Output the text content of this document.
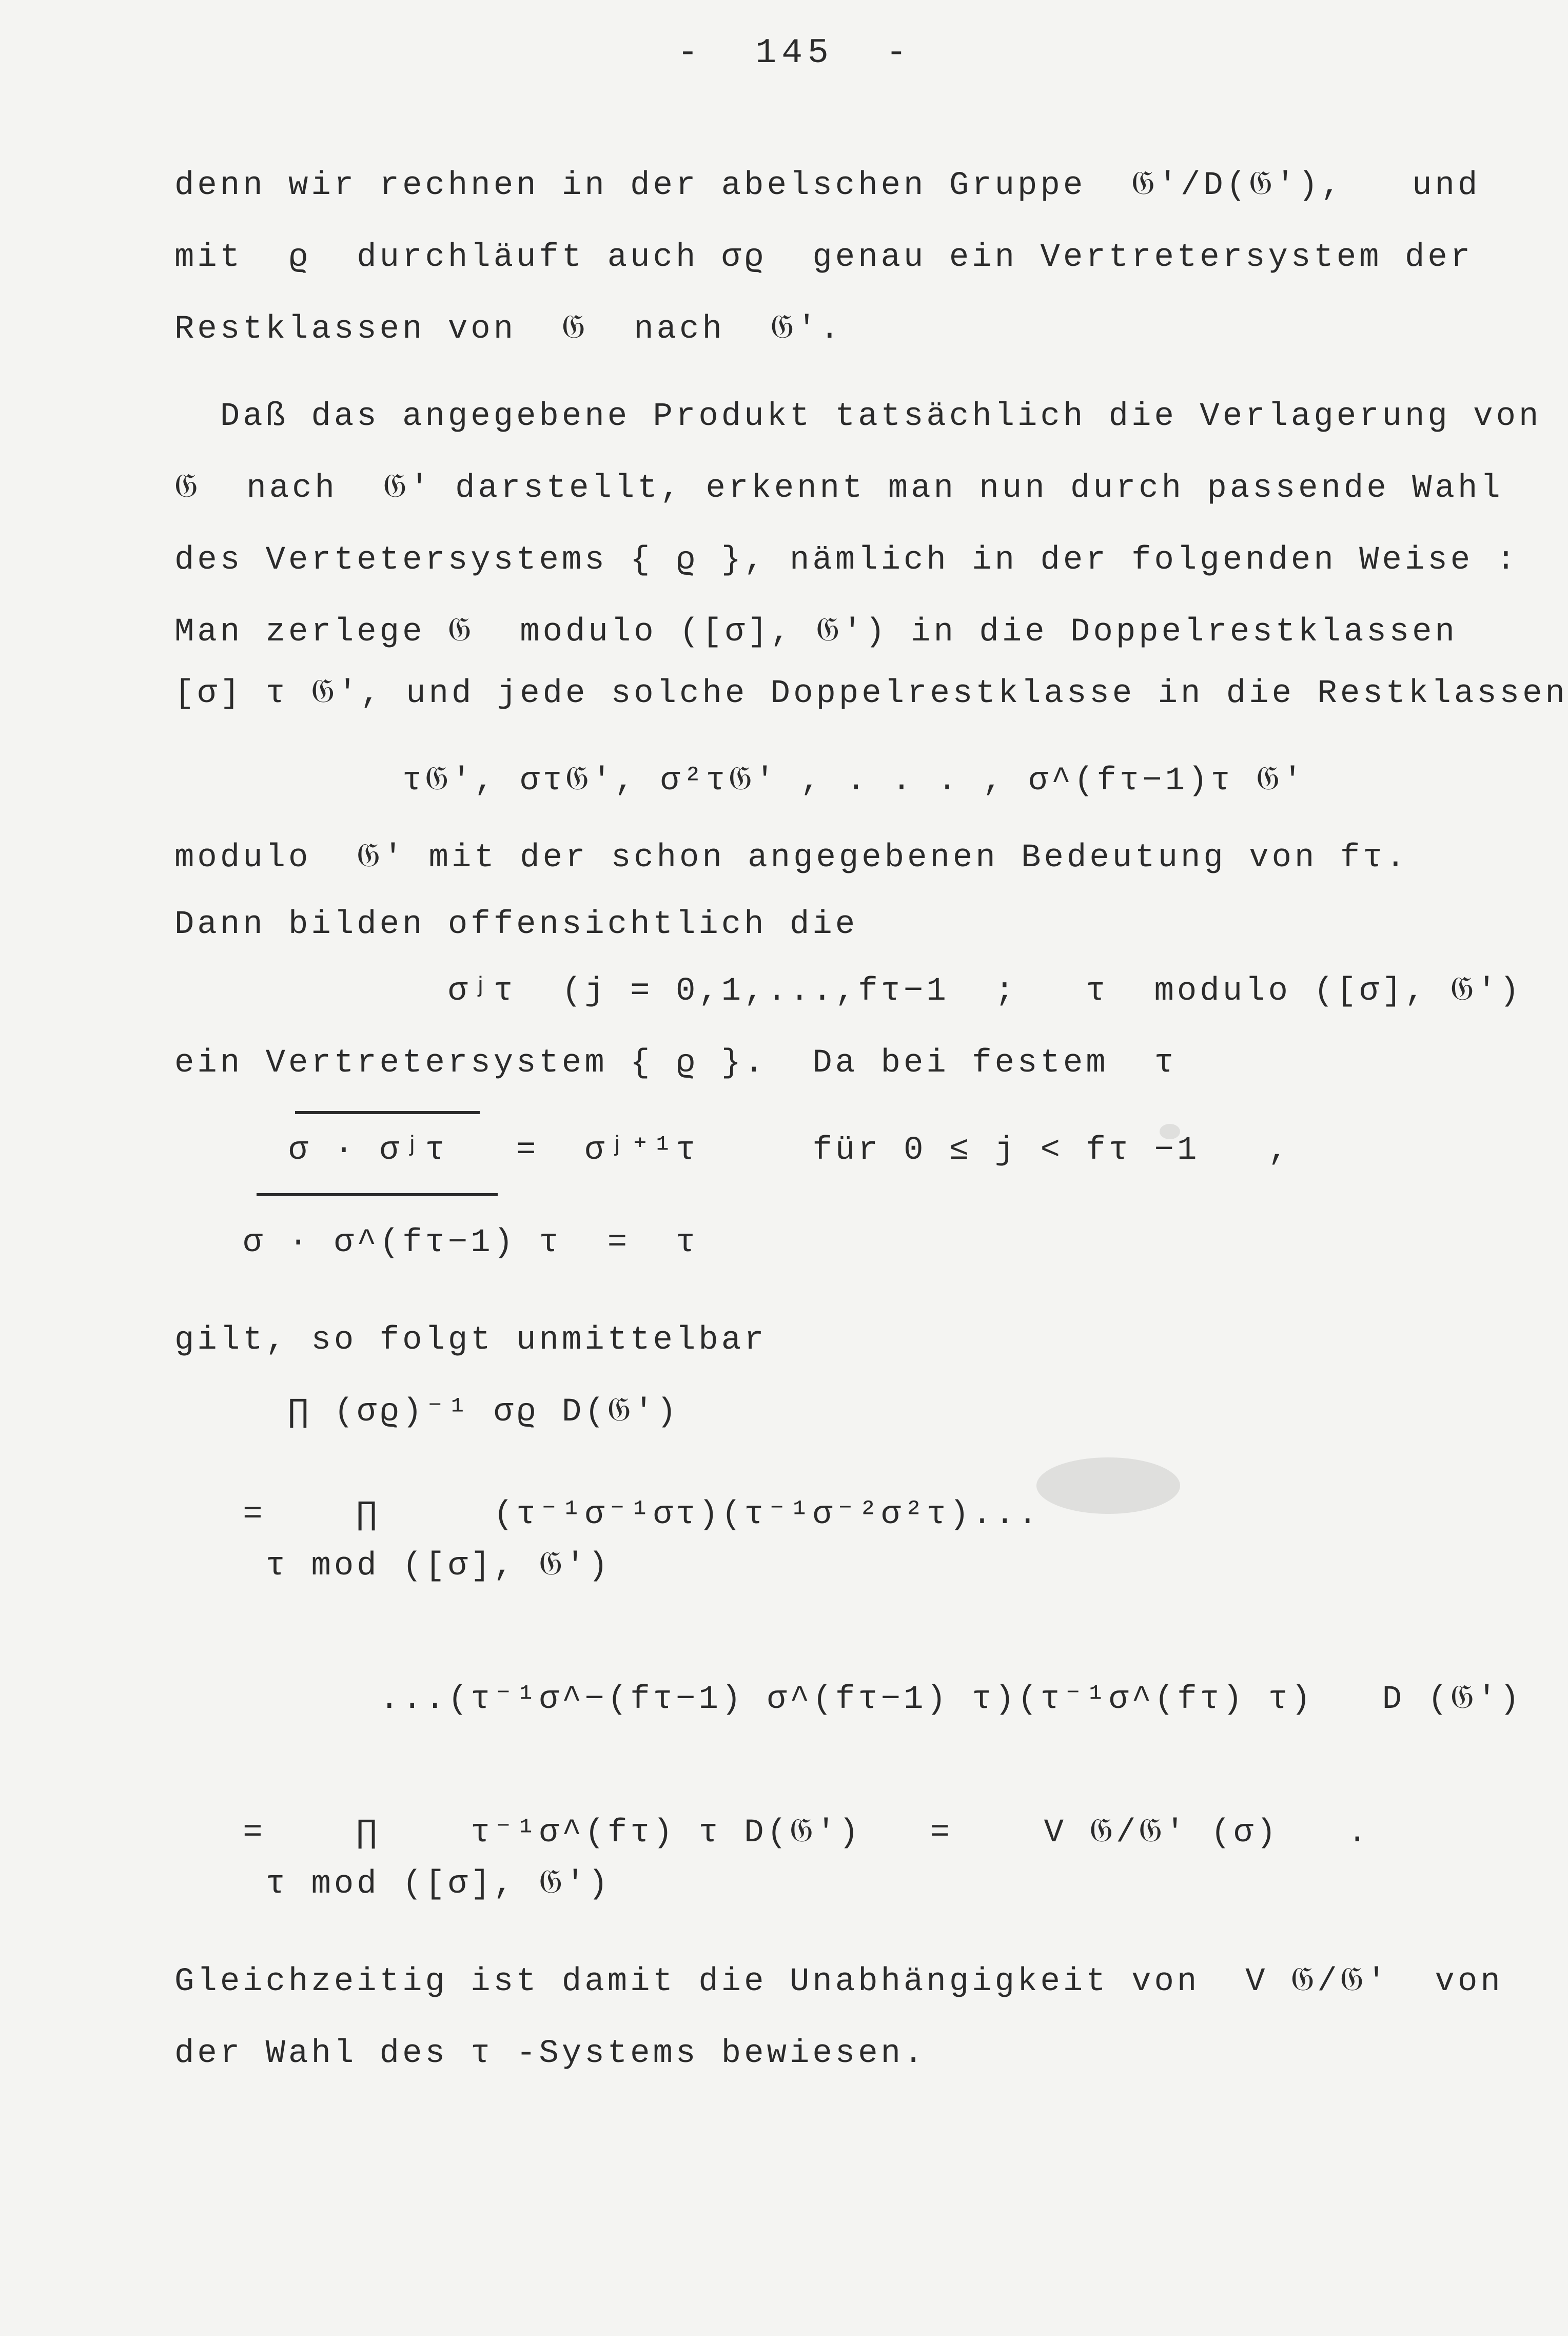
-  145  -
denn wir rechnen in der abelschen Gruppe  𝔊'/D(𝔊'),   und
mit  ϱ  durchläuft auch σϱ  genau ein Vertretersystem der
Restklassen von  𝔊  nach  𝔊'.
Daß das angegebene Produkt tatsächlich die Verlagerung von
𝔊  nach  𝔊' darstellt, erkennt man nun durch passende Wahl
des Vertetersystems { ϱ }, nämlich in der folgenden Weise :
Man zerlege 𝔊  modulo ([σ], 𝔊') in die Doppelrestklassen
[σ] τ 𝔊', und jede solche Doppelrestklasse in die Restklassen
τ𝔊', στ𝔊', σ²τ𝔊' , . . . , σ^(fτ−1)τ 𝔊'
modulo  𝔊' mit der schon angegebenen Bedeutung von fτ.
Dann bilden offensichtlich die
σʲτ  (j = 0,1,...,fτ−1  ;   τ  modulo ([σ], 𝔊')
ein Vertretersystem { ϱ }.  Da bei festem  τ
σ · σʲτ   =  σʲ⁺¹τ     für 0 ≤ j < fτ −1   ,
σ · σ^(fτ−1) τ  =  τ
gilt, so folgt unmittelbar
∏ (σϱ)⁻¹ σϱ D(𝔊')
=    ∏     (τ⁻¹σ⁻¹στ)(τ⁻¹σ⁻²σ²τ)...
τ mod ([σ], 𝔊')
...(τ⁻¹σ^−(fτ−1) σ^(fτ−1) τ)(τ⁻¹σ^(fτ) τ)   D (𝔊')
=    ∏    τ⁻¹σ^(fτ) τ D(𝔊')   =    V 𝔊/𝔊' (σ)   .
τ mod ([σ], 𝔊')
Gleichzeitig ist damit die Unabhängigkeit von  V 𝔊/𝔊'  von
der Wahl des τ -Systems bewiesen.
